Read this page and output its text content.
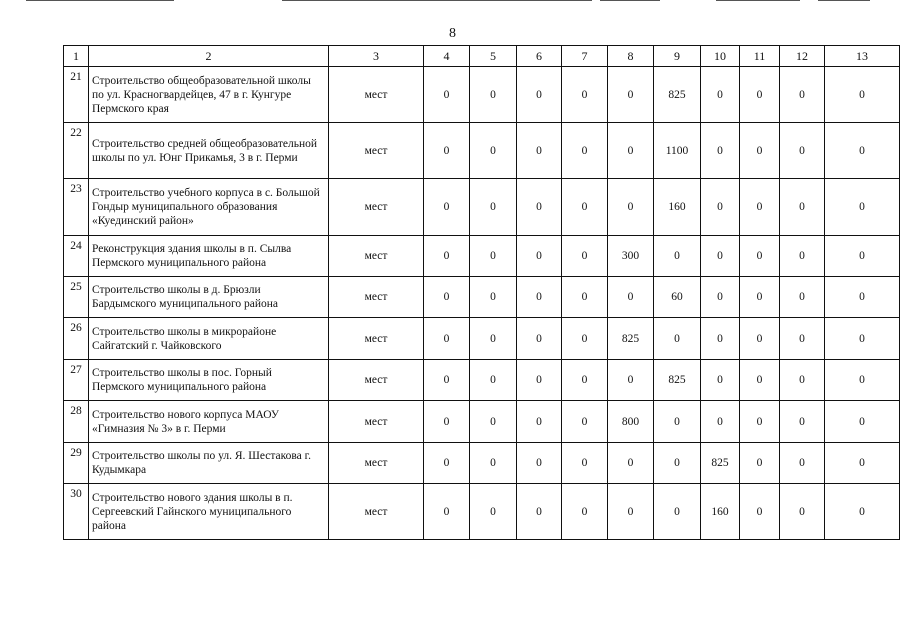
8
1	2	3	4	5	6	7	8	9	10	11	12	13
21	Строительство общеобразовательной школы по ул. Красногвардейцев, 47 в г. Кунгуре Пермского края	мест	0	0	0	0	0	825	0	0	0	0
22	Строительство средней общеобразовательной школы по ул. Юнг Прикамья, 3 в г. Перми	мест	0	0	0	0	0	1100	0	0	0	0
23	Строительство учебного корпуса в с. Большой Гондыр муниципального образования «Куединский район»	мест	0	0	0	0	0	160	0	0	0	0
24	Реконструкция здания школы в п. Сылва Пермского муниципального района	мест	0	0	0	0	300	0	0	0	0	0
25	Строительство школы в д. Брюзли Бардымского муниципального района	мест	0	0	0	0	0	60	0	0	0	0
26	Строительство школы в микрорайоне Сайгатский г. Чайковского	мест	0	0	0	0	825	0	0	0	0	0
27	Строительство школы в пос. Горный Пермского муниципального района	мест	0	0	0	0	0	825	0	0	0	0
28	Строительство нового корпуса МАОУ «Гимназия № 3» в г. Перми	мест	0	0	0	0	800	0	0	0	0	0
29	Строительство школы по ул. Я. Шестакова г. Кудымкара	мест	0	0	0	0	0	0	825	0	0	0
30	Строительство нового здания школы в п. Сергеевский Гайнского муниципального района	мест	0	0	0	0	0	0	160	0	0	0
